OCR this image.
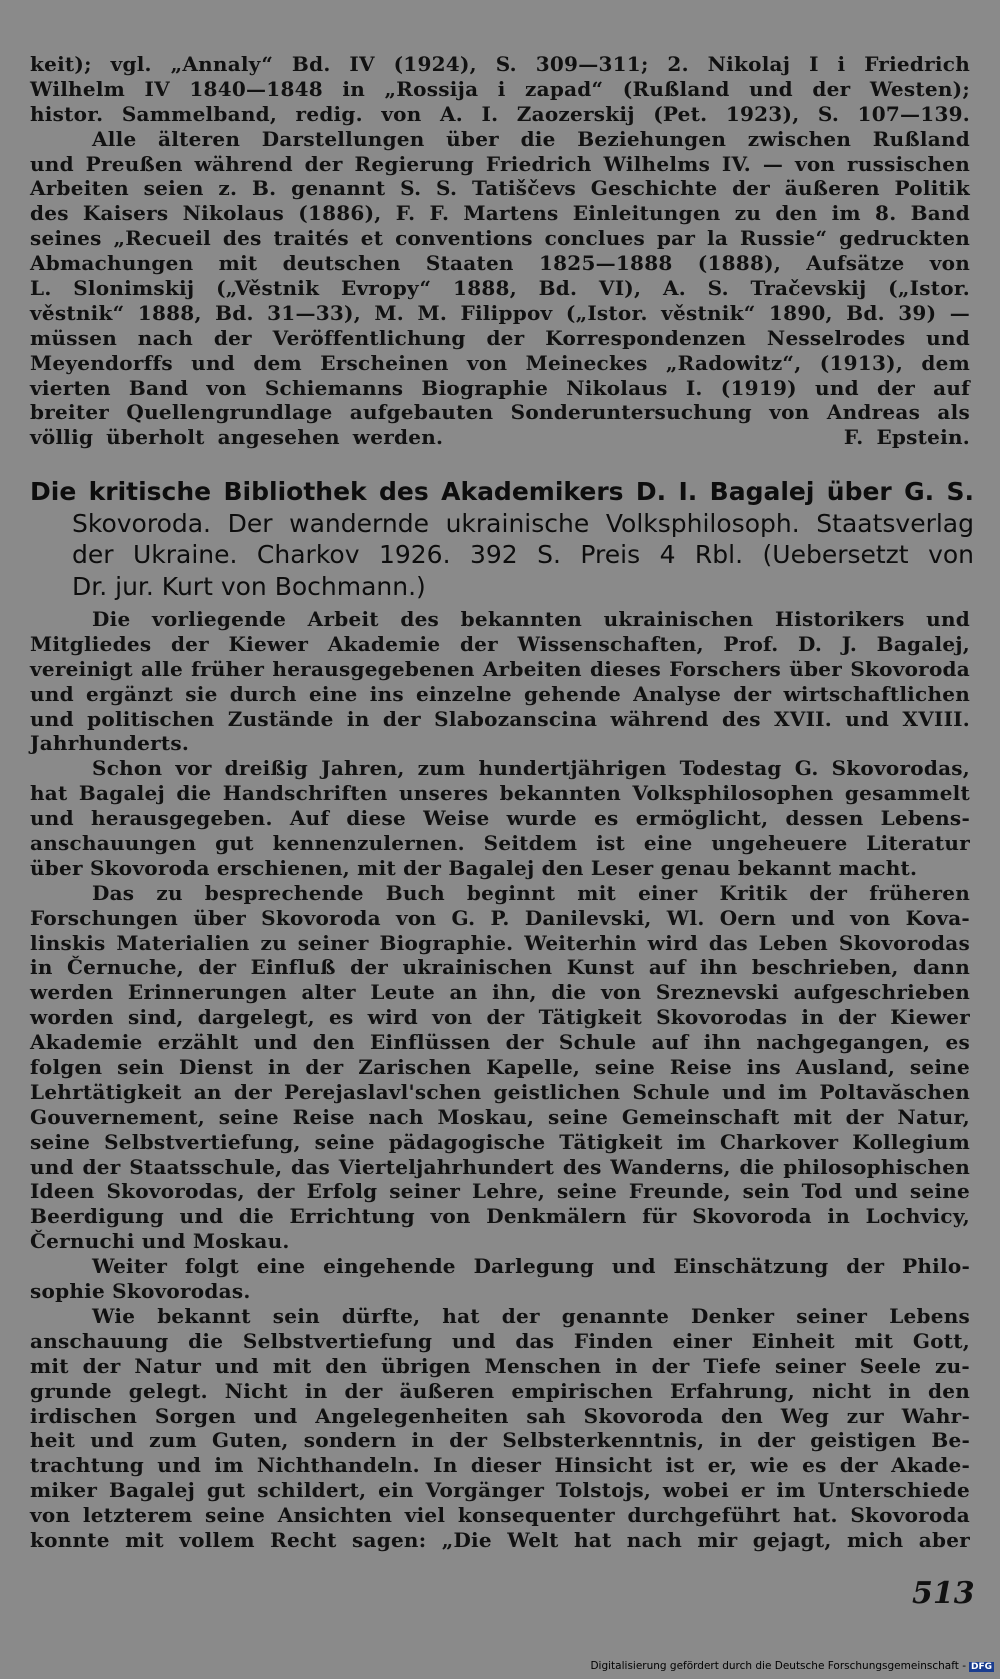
keit); vgl. „Annaly“ Bd. IV (1924), S. 309—311; 2. Nikolaj I i Friedrich
Wilhelm IV 1840—1848 in „Rossija i zapad“ (Rußland und der Westen);
histor. Sammelband, redig. von A. I. Zaozerskij (Pet. 1923), S. 107—139.
Alle älteren Darstellungen über die Beziehungen zwischen Rußland
und Preußen während der Regierung Friedrich Wilhelms IV. — von russischen
Arbeiten seien z. B. genannt S. S. Tatiščevs Geschichte der äußeren Politik
des Kaisers Nikolaus (1886), F. F. Martens Einleitungen zu den im 8. Band
seines „Recueil des traités et conventions conclues par la Russie“ gedruckten
Abmachungen mit deutschen Staaten 1825—1888 (1888), Aufsätze von
L. Slonimskij („Věstnik Evropy“ 1888, Bd. VI), A. S. Tračevskij („Istor.
věstnik“ 1888, Bd. 31—33), M. M. Filippov („Istor. věstnik“ 1890, Bd. 39) —
müssen nach der Veröffentlichung der Korrespondenzen Nesselrodes und
Meyendorffs und dem Erscheinen von Meineckes „Radowitz“, (1913), dem
vierten Band von Schiemanns Biographie Nikolaus I. (1919) und der auf
breiter Quellengrundlage aufgebauten Sonderuntersuchung von Andreas als
völlig überholt angesehen werden.                               F. Epstein.
Die kritische Bibliothek des Akademikers D. I. Bagalej über G. S.
Skovoroda. Der wandernde ukrainische Volksphilosoph. Staatsverlag
der Ukraine. Charkov 1926. 392 S. Preis 4 Rbl. (Uebersetzt von
Dr. jur. Kurt von Bochmann.)
Die vorliegende Arbeit des bekannten ukrainischen Historikers und
Mitgliedes der Kiewer Akademie der Wissenschaften, Prof. D. J. Bagalej,
vereinigt alle früher herausgegebenen Arbeiten dieses Forschers über Skovoroda
und ergänzt sie durch eine ins einzelne gehende Analyse der wirtschaftlichen
und politischen Zustände in der Slabozanscina während des XVII. und XVIII.
Jahrhunderts.
Schon vor dreißig Jahren, zum hundertjährigen Todestag G. Skovorodas,
hat Bagalej die Handschriften unseres bekannten Volksphilosophen gesammelt
und herausgegeben. Auf diese Weise wurde es ermöglicht, dessen Lebens-
anschauungen gut kennenzulernen. Seitdem ist eine ungeheuere Literatur
über Skovoroda erschienen, mit der Bagalej den Leser genau bekannt macht.
Das zu besprechende Buch beginnt mit einer Kritik der früheren
Forschungen über Skovoroda von G. P. Danilevski, Wl. Oern und von Kova-
linskis Materialien zu seiner Biographie. Weiterhin wird das Leben Skovorodas
in Černuche, der Einfluß der ukrainischen Kunst auf ihn beschrieben, dann
werden Erinnerungen alter Leute an ihn, die von Sreznevski aufgeschrieben
worden sind, dargelegt, es wird von der Tätigkeit Skovorodas in der Kiewer
Akademie erzählt und den Einflüssen der Schule auf ihn nachgegangen, es
folgen sein Dienst in der Zarischen Kapelle, seine Reise ins Ausland, seine
Lehrtätigkeit an der Perejaslavl'schen geistlichen Schule und im Poltavăschen
Gouvernement, seine Reise nach Moskau, seine Gemeinschaft mit der Natur,
seine Selbstvertiefung, seine pädagogische Tätigkeit im Charkover Kollegium
und der Staatsschule, das Vierteljahrhundert des Wanderns, die philosophischen
Ideen Skovorodas, der Erfolg seiner Lehre, seine Freunde, sein Tod und seine
Beerdigung und die Errichtung von Denkmälern für Skovoroda in Lochvicy,
Černuchi und Moskau.
Weiter folgt eine eingehende Darlegung und Einschätzung der Philo-
sophie Skovorodas.
Wie bekannt sein dürfte, hat der genannte Denker seiner Lebens
anschauung die Selbstvertiefung und das Finden einer Einheit mit Gott,
mit der Natur und mit den übrigen Menschen in der Tiefe seiner Seele zu-
grunde gelegt. Nicht in der äußeren empirischen Erfahrung, nicht in den
irdischen Sorgen und Angelegenheiten sah Skovoroda den Weg zur Wahr-
heit und zum Guten, sondern in der Selbsterkenntnis, in der geistigen Be-
trachtung und im Nichthandeln. In dieser Hinsicht ist er, wie es der Akade-
miker Bagalej gut schildert, ein Vorgänger Tolstojs, wobei er im Unterschiede
von letzterem seine Ansichten viel konsequenter durchgeführt hat. Skovoroda
konnte mit vollem Recht sagen: „Die Welt hat nach mir gejagt, mich aber
513
Digitalisierung gefördert durch die Deutsche Forschungsgemeinschaft - DFG
